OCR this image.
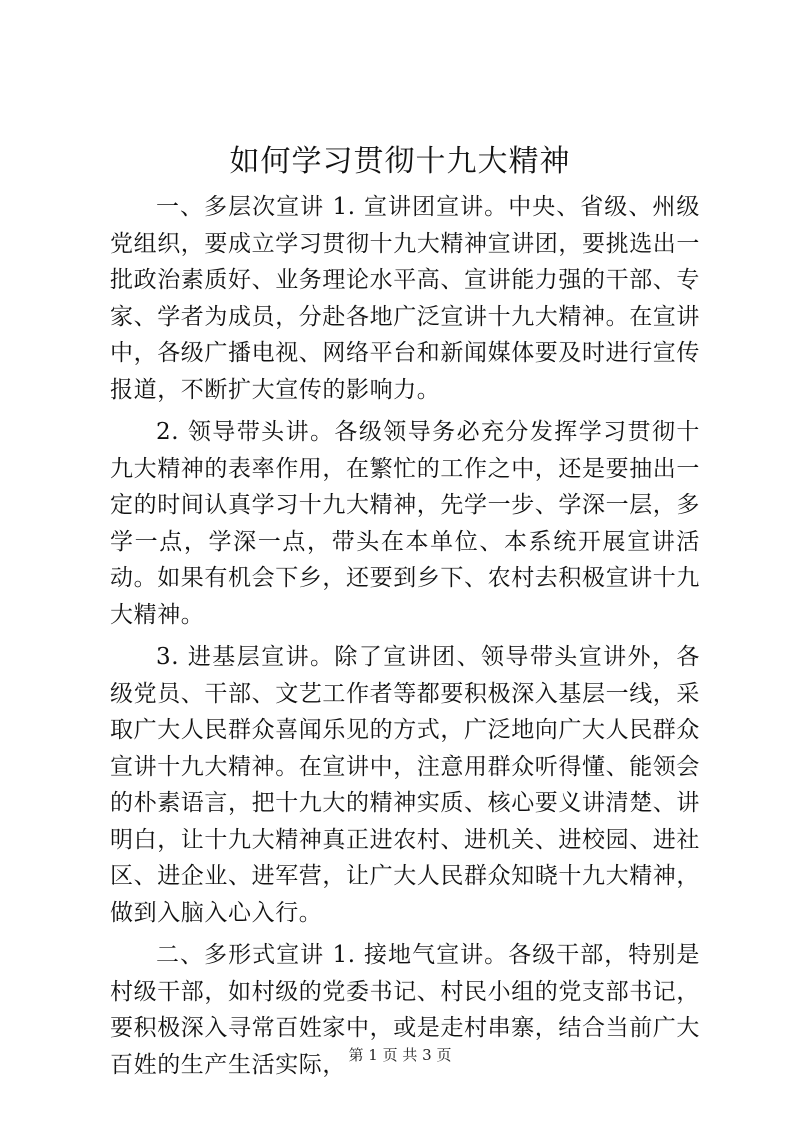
如何学习贯彻十九大精神

一、多层次宣讲 1. 宣讲团宣讲。中央、省级、州级党组织，要成立学习贯彻十九大精神宣讲团，要挑选出一批政治素质好、业务理论水平高、宣讲能力强的干部、专家、学者为成员，分赴各地广泛宣讲十九大精神。在宣讲中，各级广播电视、网络平台和新闻媒体要及时进行宣传报道，不断扩大宣传的影响力。

2. 领导带头讲。各级领导务必充分发挥学习贯彻十九大精神的表率作用，在繁忙的工作之中，还是要抽出一定的时间认真学习十九大精神，先学一步、学深一层，多学一点，学深一点，带头在本单位、本系统开展宣讲活动。如果有机会下乡，还要到乡下、农村去积极宣讲十九大精神。

3. 进基层宣讲。除了宣讲团、领导带头宣讲外，各级党员、干部、文艺工作者等都要积极深入基层一线，采取广大人民群众喜闻乐见的方式，广泛地向广大人民群众宣讲十九大精神。在宣讲中，注意用群众听得懂、能领会的朴素语言，把十九大的精神实质、核心要义讲清楚、讲明白，让十九大精神真正进农村、进机关、进校园、进社区、进企业、进军营，让广大人民群众知晓十九大精神，做到入脑入心入行。

二、多形式宣讲 1. 接地气宣讲。各级干部，特别是村级干部，如村级的党委书记、村民小组的党支部书记，要积极深入寻常百姓家中，或是走村串寨，结合当前广大百姓的生产生活实际， 第 1 页 共 3 页
